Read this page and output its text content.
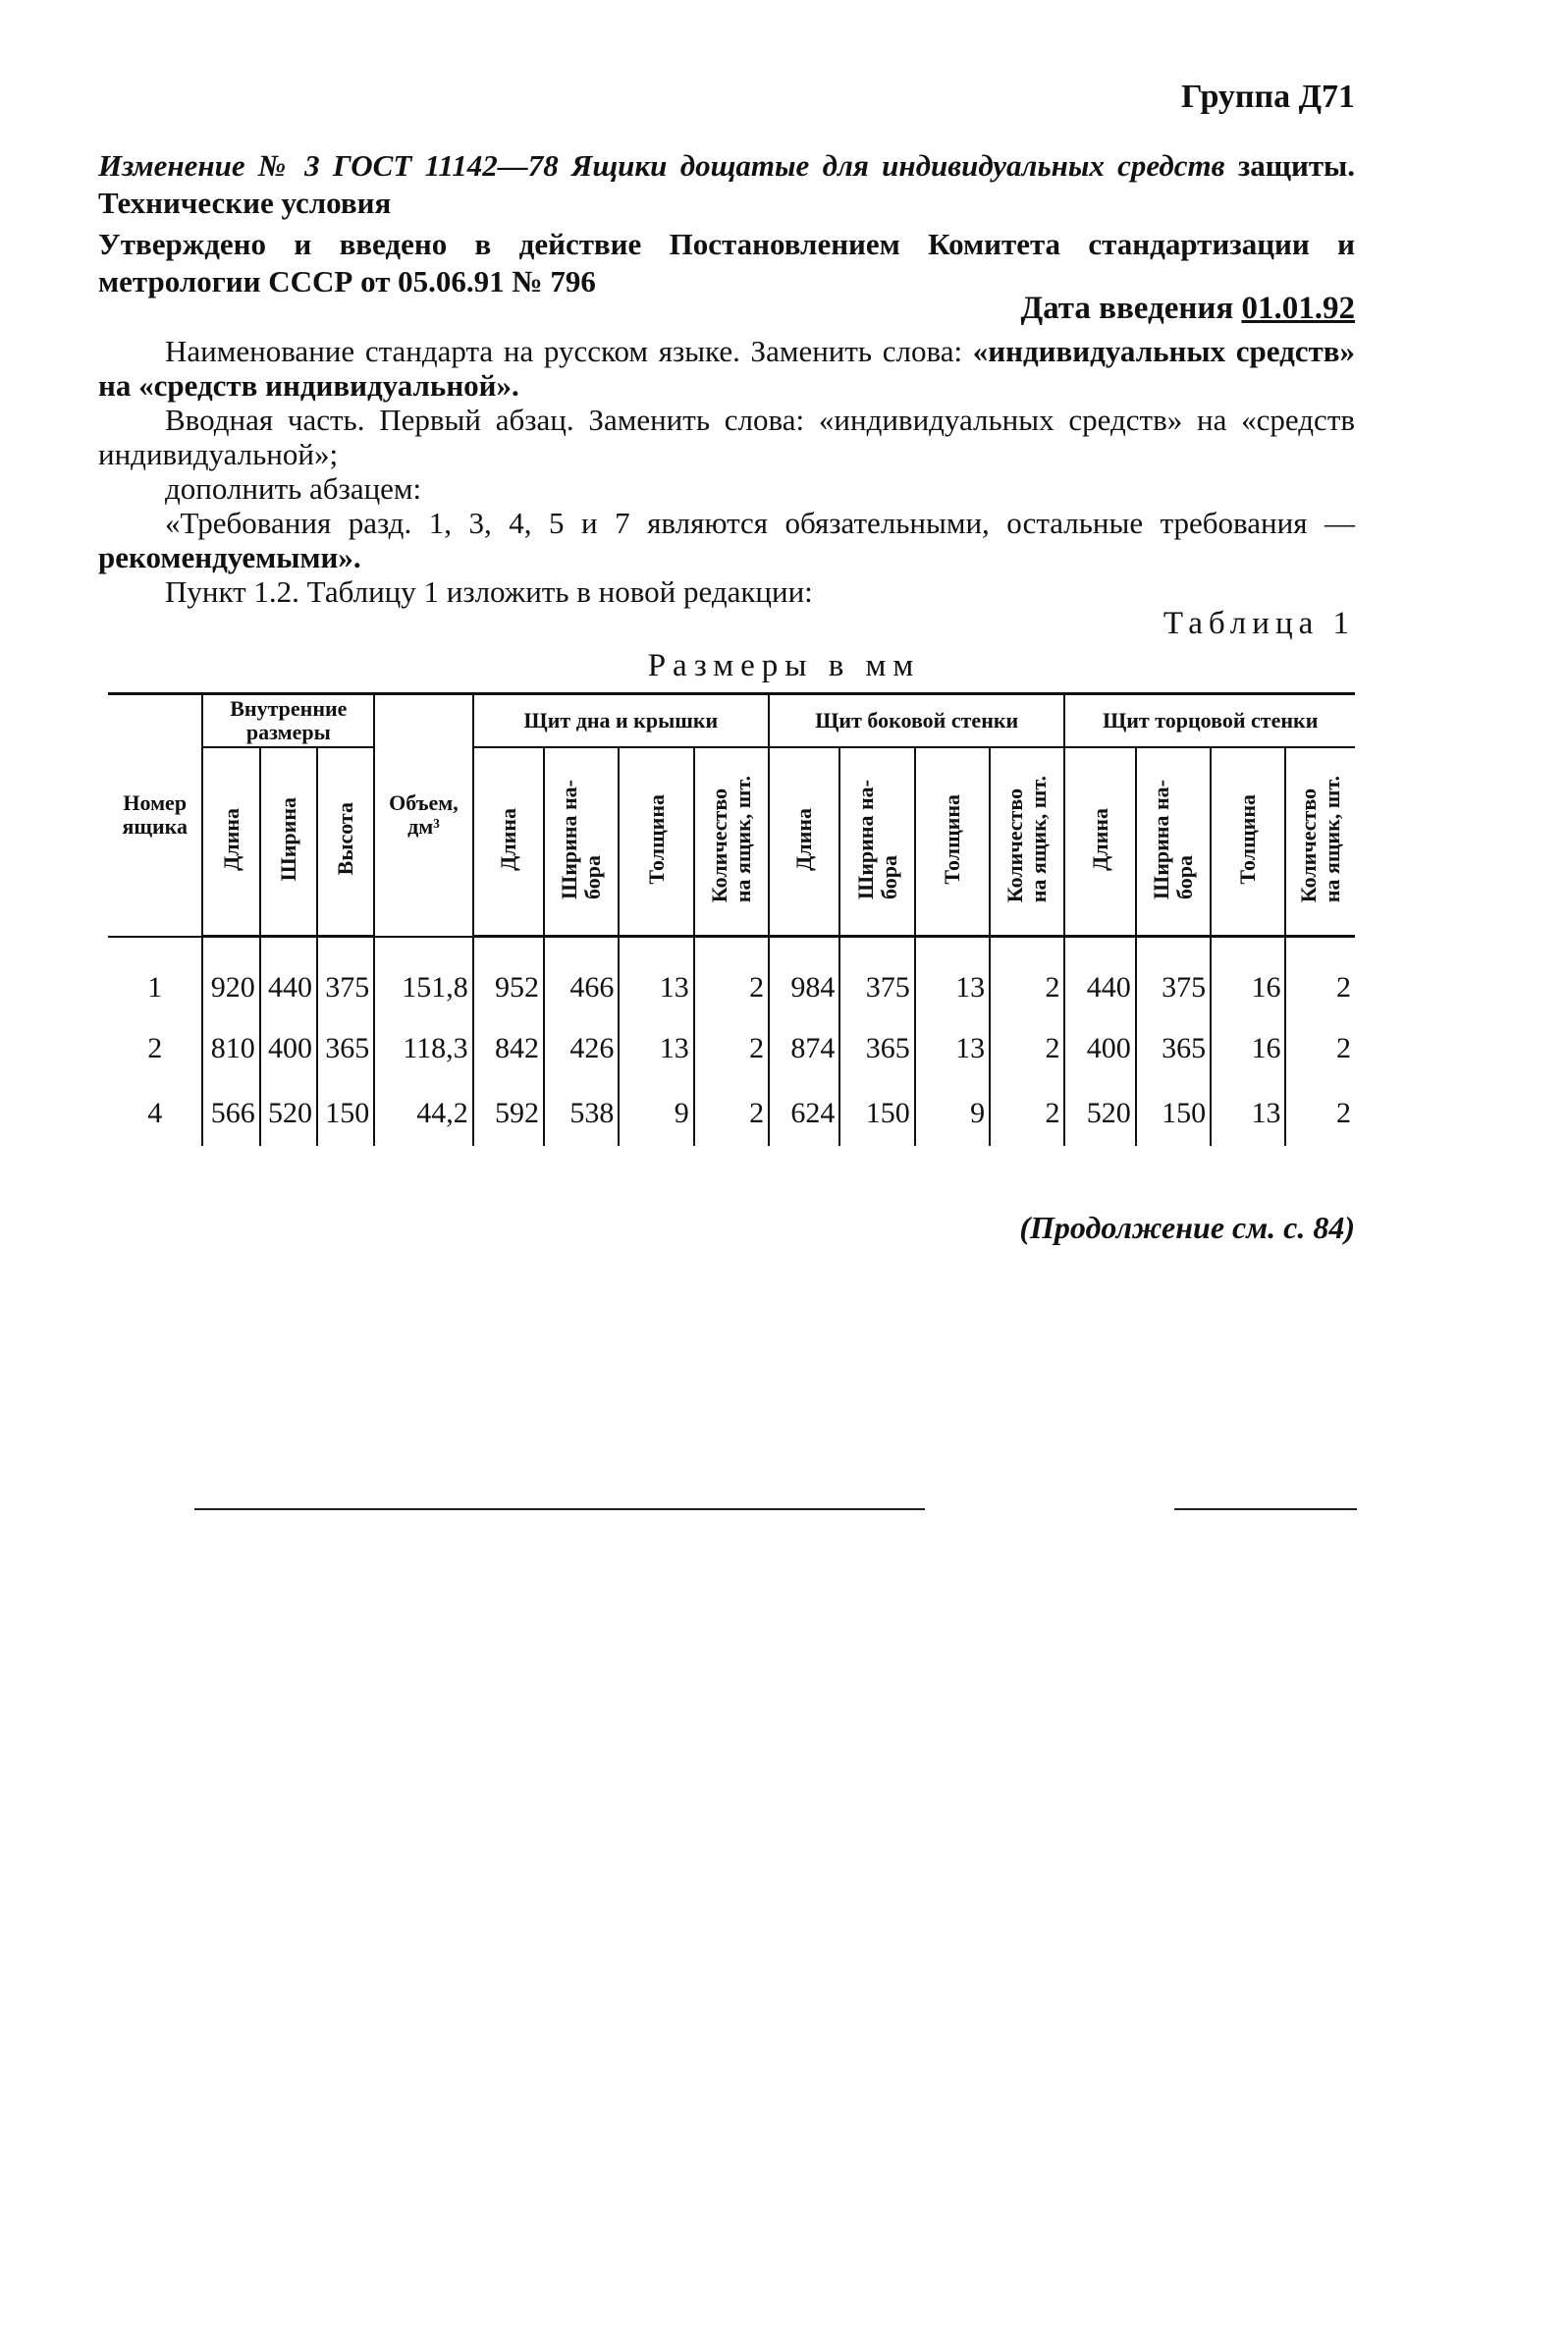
Группа Д71
Изменение № 3 ГОСТ 11142—78 Ящики дощатые для индивидуальных средств защиты. Технические условия
Утверждено и введено в действие Постановлением Комитета стандартизации и метрологии СССР от 05.06.91 № 796
Дата введения 01.01.92

Наименование стандарта на русском языке. Заменить слова: «индивидуальных средств» на «средств индивидуальной».

Вводная часть. Первый абзац. Заменить слова: «индивидуальных средств» на «средств индивидуальной»;

дополнить абзацем:

«Требования разд. 1, 3, 4, 5 и 7 являются обязательными, остальные требования — рекомендуемыми».

Пункт 1.2. Таблицу 1 изложить в новой редакции:

Таблица 1
Размеры в мм
Номер ящика	Внутренние размеры			Объем, дм³	Щит дна и крышки				Щит боковой стенки				Щит торцовой стенки			
	Длина	Ширина	Высота		Длина	Ширина на-
бора	Толщина	Количество
на ящик, шт.	Длина	Ширина на-
бора	Толщина	Количество
на ящик, шт.	Длина	Ширина на-
бора	Толщина	Количество
на ящик, шт.
1	920	440	375	151,8	952	466	13	2	984	375	13	2	440	375	16	2
2	810	400	365	118,3	842	426	13	2	874	365	13	2	400	365	16	2
4	566	520	150	44,2	592	538	9	2	624	150	9	2	520	150	13	2
(Продолжение см. с. 84)
